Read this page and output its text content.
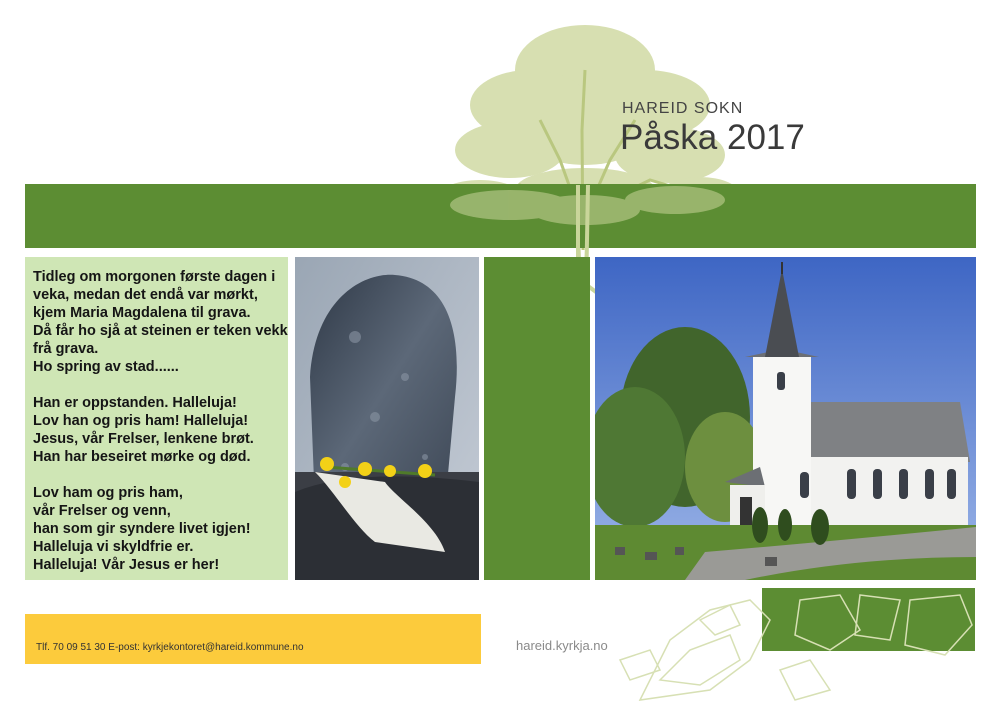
HAREID SOKN
Påska 2017

Tidleg om morgonen første dagen i
veka, medan det endå var mørkt,
kjem Maria Magdalena til grava.
Då får ho sjå at steinen er teken vekk
frå grava.
Ho spring av stad......

Han er oppstanden. Halleluja!
Lov han og pris ham! Halleluja!
Jesus, vår Frelser, lenkene brøt.
Han har beseiret mørke og død.

Lov ham og pris ham,
vår Frelser og venn,
han som gir syndere livet igjen!
Halleluja vi skyldfrie er.
Halleluja! Vår Jesus er her!

Tlf. 70 09 51 30 E-post: kyrkjekontoret@hareid.kommune.no	hareid.kyrkja.no
